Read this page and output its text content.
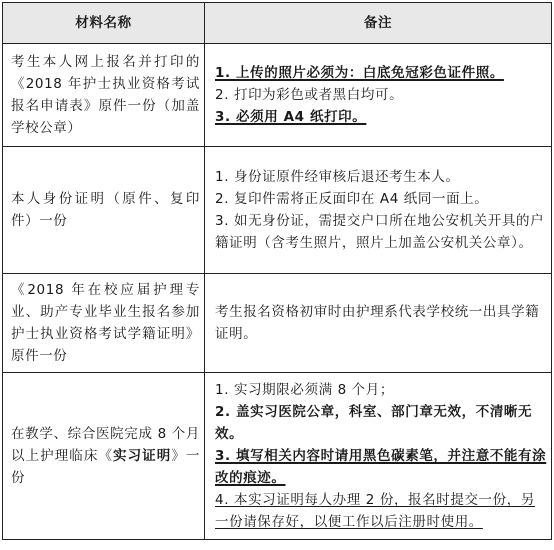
材料名称	备注
考生本人网上报名并打印的《2018 年护士执业资格考试报名申请表》原件一份（加盖学校公章）	1. 上传的照片必须为：白底免冠彩色证件照。
2. 打印为彩色或者黑白均可。
3. 必须用 A4 纸打印。

本人身份证明（原件、复印件）一份	1. 身份证原件经审核后退还考生本人。
2. 复印件需将正反面印在 A4 纸同一面上。
3. 如无身份证，需提交户口所在地公安机关开具的户籍证明（含考生照片，照片上加盖公安机关公章）。

《2018 年在校应届护理专业、助产专业毕业生报名参加护士执业资格考试学籍证明》原件一份	考生报名资格初审时由护理系代表学校统一出具学籍证明。

在教学、综合医院完成 8 个月以上护理临床《实习证明》一份	1. 实习期限必须满 8 个月；
2. 盖实习医院公章，科室、部门章无效，不清晰无效。
3. 填写相关内容时请用黑色碳素笔，并注意不能有涂改的痕迹。
4. 本实习证明每人办理 2 份，报名时提交一份，另一份请保存好，以便工作以后注册时使用。
